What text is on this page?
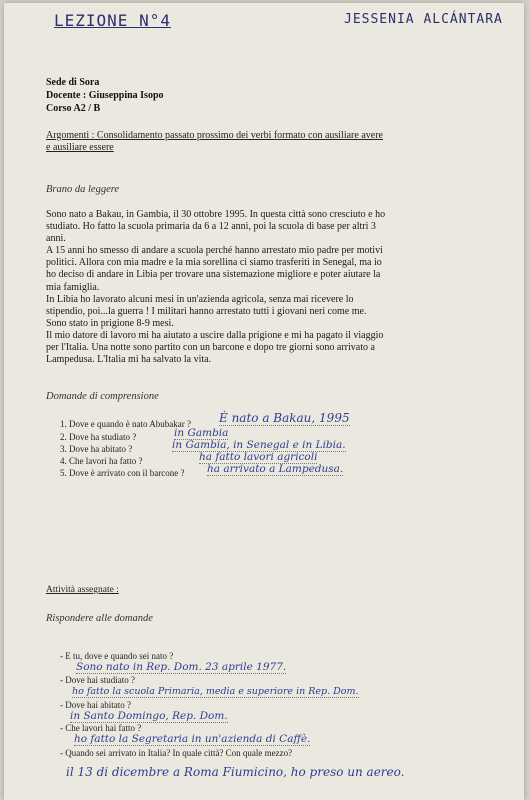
LEZIONE N°4	JESSENIA ALCÁNTARA
Sede di Sora
Docente : Giuseppina Isopo
Corso A2 / B
Argomenti : Consolidamento passato prossimo dei verbi formato con ausiliare avere
e ausiliare essere
Brano da leggere

Sono nato a Bakau, in Gambia, il 30 ottobre 1995. In questa città sono cresciuto e ho

studiato. Ho fatto la scuola primaria da 6 a 12 anni, poi la scuola di base per altri 3

anni.

A 15 anni ho smesso di andare a scuola perché hanno arrestato mio padre per motivi

politici. Allora con mia madre e la mia sorellina ci siamo trasferiti in Senegal, ma io

ho deciso di andare in Libia per trovare una sistemazione migliore e poter aiutare la

mia famiglia.

In Libia ho lavorato alcuni mesi in un'azienda agricola, senza mai ricevere lo

stipendio, poi...la guerra ! I militari hanno arrestato tutti i giovani neri come me.

Sono stato in prigione 8-9 mesi.

Il mio datore di lavoro mi ha aiutato a uscire dalla prigione e mi ha pagato il viaggio

per l'Italia. Una notte sono partito con un barcone e dopo tre giorni sono arrivato a

Lampedusa. L'Italia mi ha salvato la vita.

Domande di comprensione
1. Dove e quando è nato Abubakar ? È nato a Bakau, 1995
2. Dove ha studiato ?	in Gambia
3. Dove ha abitato ?	in Gambia, in Senegal e in Libia.
4. Che lavori ha fatto ?	ha fatto lavori agricoli
5. Dove è arrivato con il barcone ? ha arrivato a Lampedusa.
Attività assegnate :
Rispondere alle domande
- E tu, dove e quando sei nato ?
Sono nato in Rep. Dom. 23 aprile 1977.
- Dove hai studiato ?
ho fatto la scuola Primaria, media e superiore in Rep. Dom.
- Dove hai abitato ?
in Santo Domingo, Rep. Dom.
- Che lavori hai fatto ?
ho fatto la Segretaria in un'azienda di Caffè.
- Quando sei arrivato in Italia? In quale città? Con quale mezzo?
il 13 di dicembre a Roma Fiumicino, ho preso un aereo.
